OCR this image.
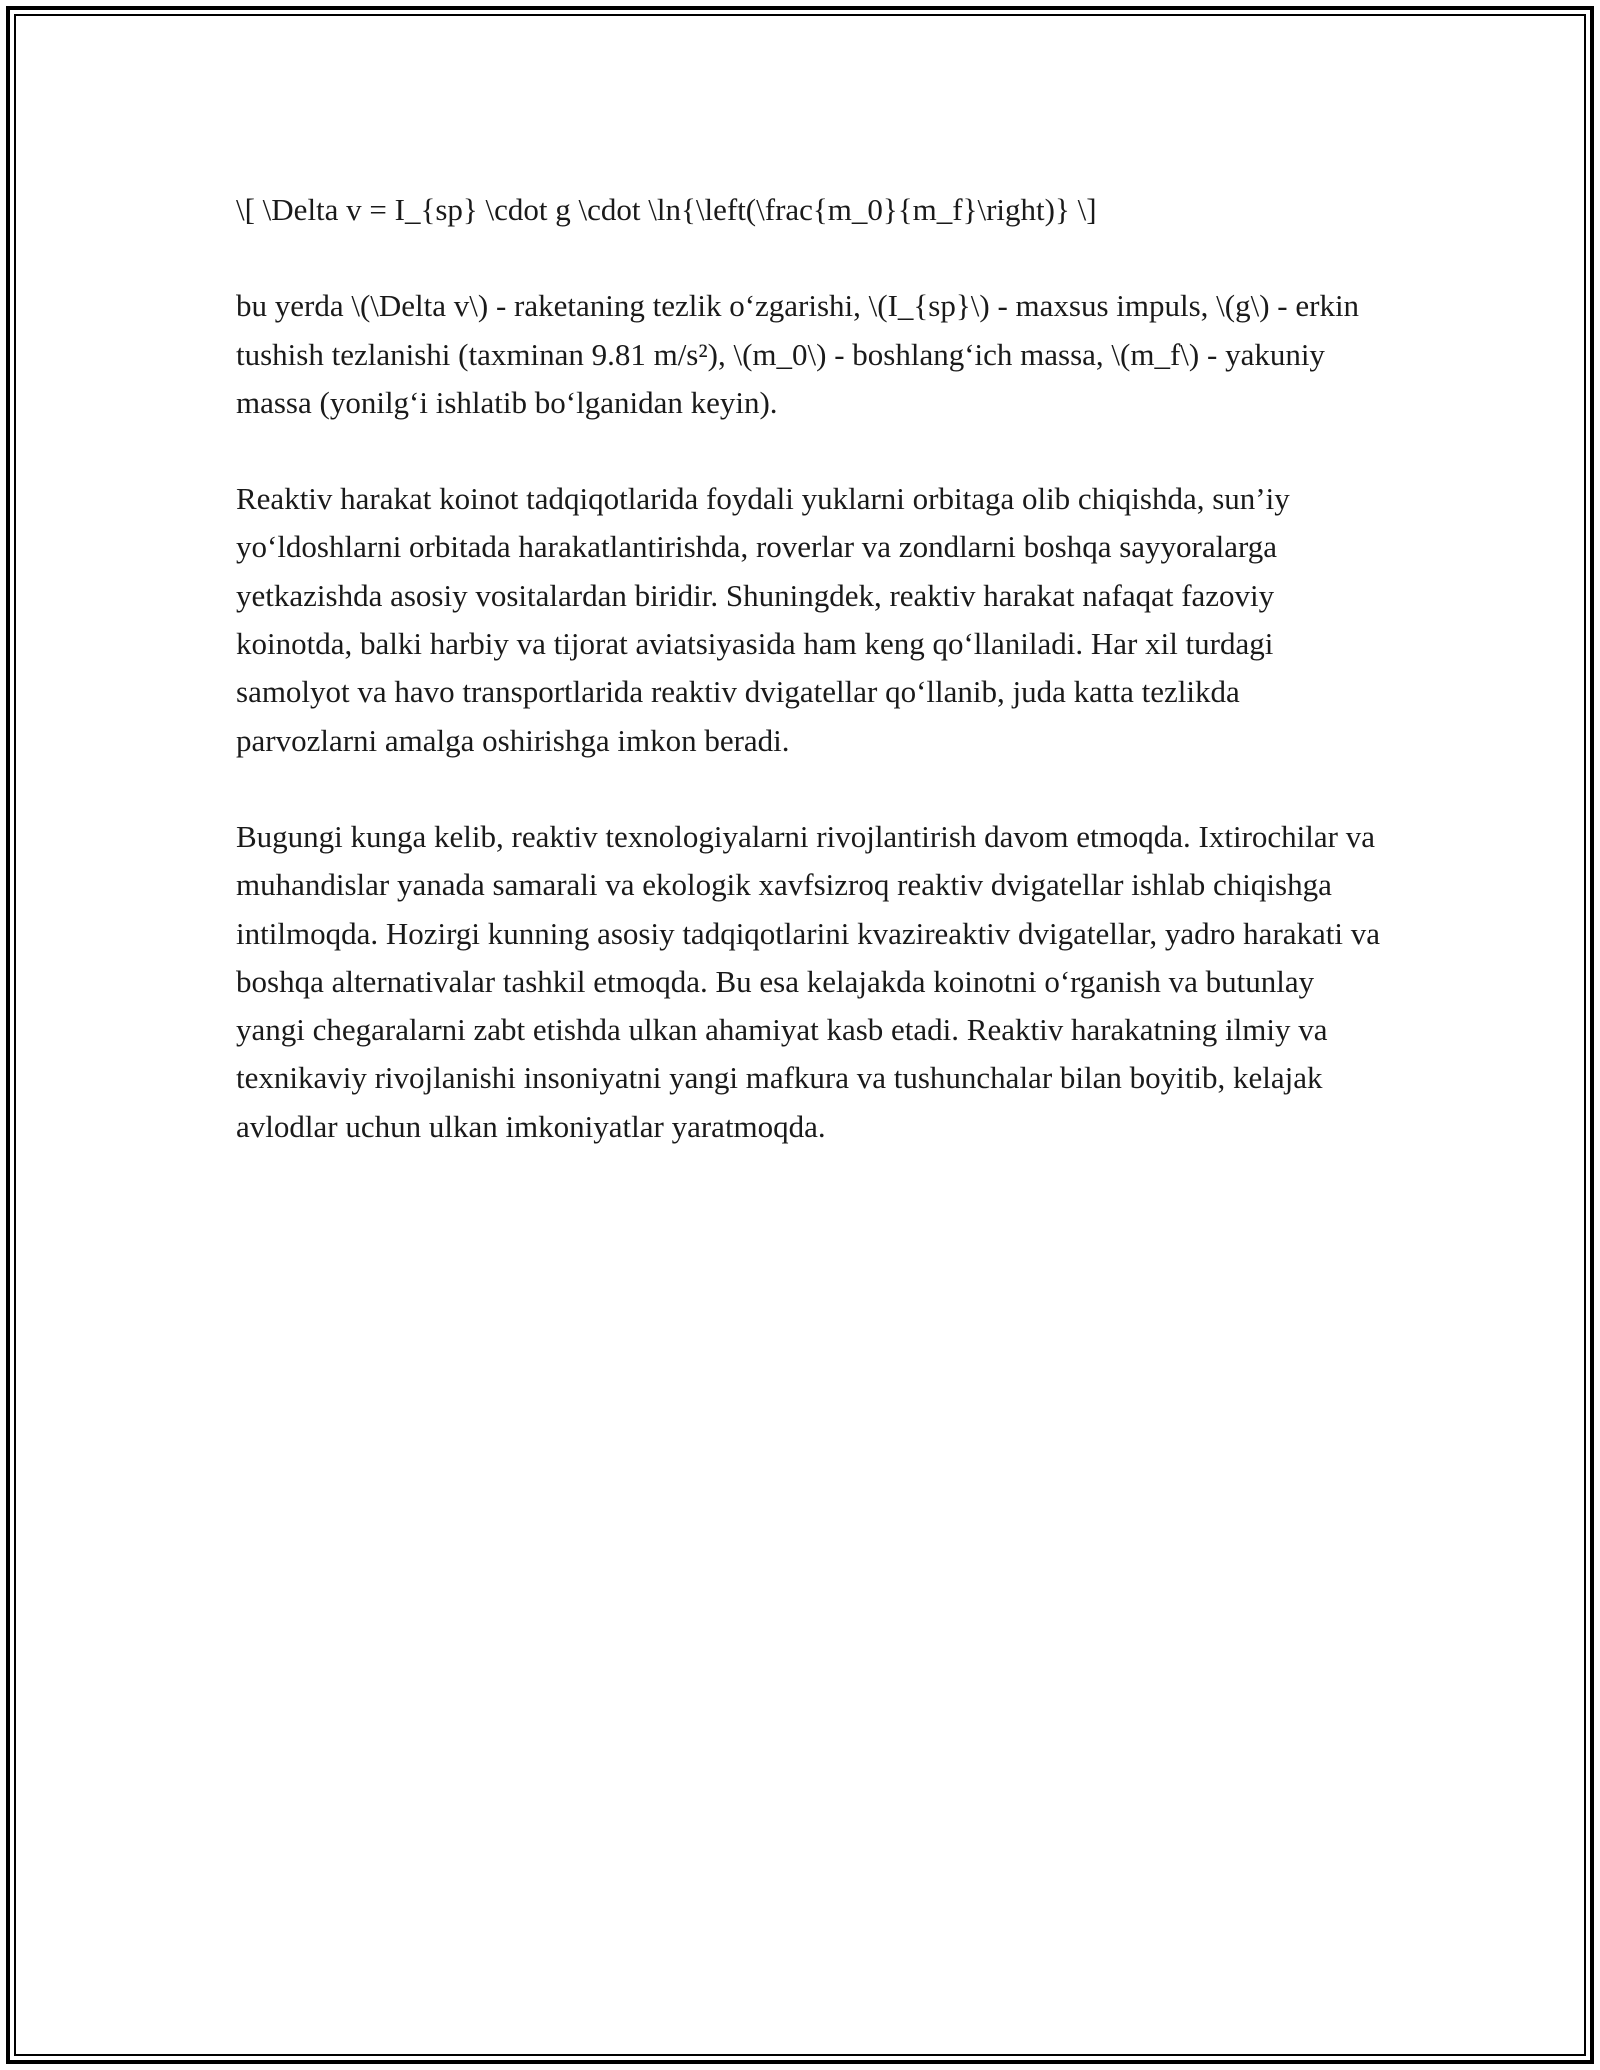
\[ \Delta v = I_{sp} \cdot g \cdot \ln{\left(\frac{m_0}{m_f}\right)} \]

bu yerda \(\Delta v\) - raketaning tezlik oʻzgarishi, \(I_{sp}\) - maxsus impuls, \(g\) - erkin tushish tezlanishi (taxminan 9.81 m/s²), \(m_0\) - boshlangʻich massa, \(m_f\) - yakuniy massa (yonilgʻi ishlatib boʻlganidan keyin).

Reaktiv harakat koinot tadqiqotlarida foydali yuklarni orbitaga olib chiqishda, sun’iy yoʻldoshlarni orbitada harakatlantirishda, roverlar va zondlarni boshqa sayyoralarga yetkazishda asosiy vositalardan biridir. Shuningdek, reaktiv harakat nafaqat fazoviy koinotda, balki harbiy va tijorat aviatsiyasida ham keng qoʻllaniladi. Har xil turdagi samolyot va havo transportlarida reaktiv dvigatellar qoʻllanib, juda katta tezlikda parvozlarni amalga oshirishga imkon beradi.

Bugungi kunga kelib, reaktiv texnologiyalarni rivojlantirish davom etmoqda. Ixtirochilar va muhandislar yanada samarali va ekologik xavfsizroq reaktiv dvigatellar ishlab chiqishga intilmoqda. Hozirgi kunning asosiy tadqiqotlarini kvazireaktiv dvigatellar, yadro harakati va boshqa alternativalar tashkil etmoqda. Bu esa kelajakda koinotni oʻrganish va butunlay yangi chegaralarni zabt etishda ulkan ahamiyat kasb etadi. Reaktiv harakatning ilmiy va texnikaviy rivojlanishi insoniyatni yangi mafkura va tushunchalar bilan boyitib, kelajak avlodlar uchun ulkan imkoniyatlar yaratmoqda.
